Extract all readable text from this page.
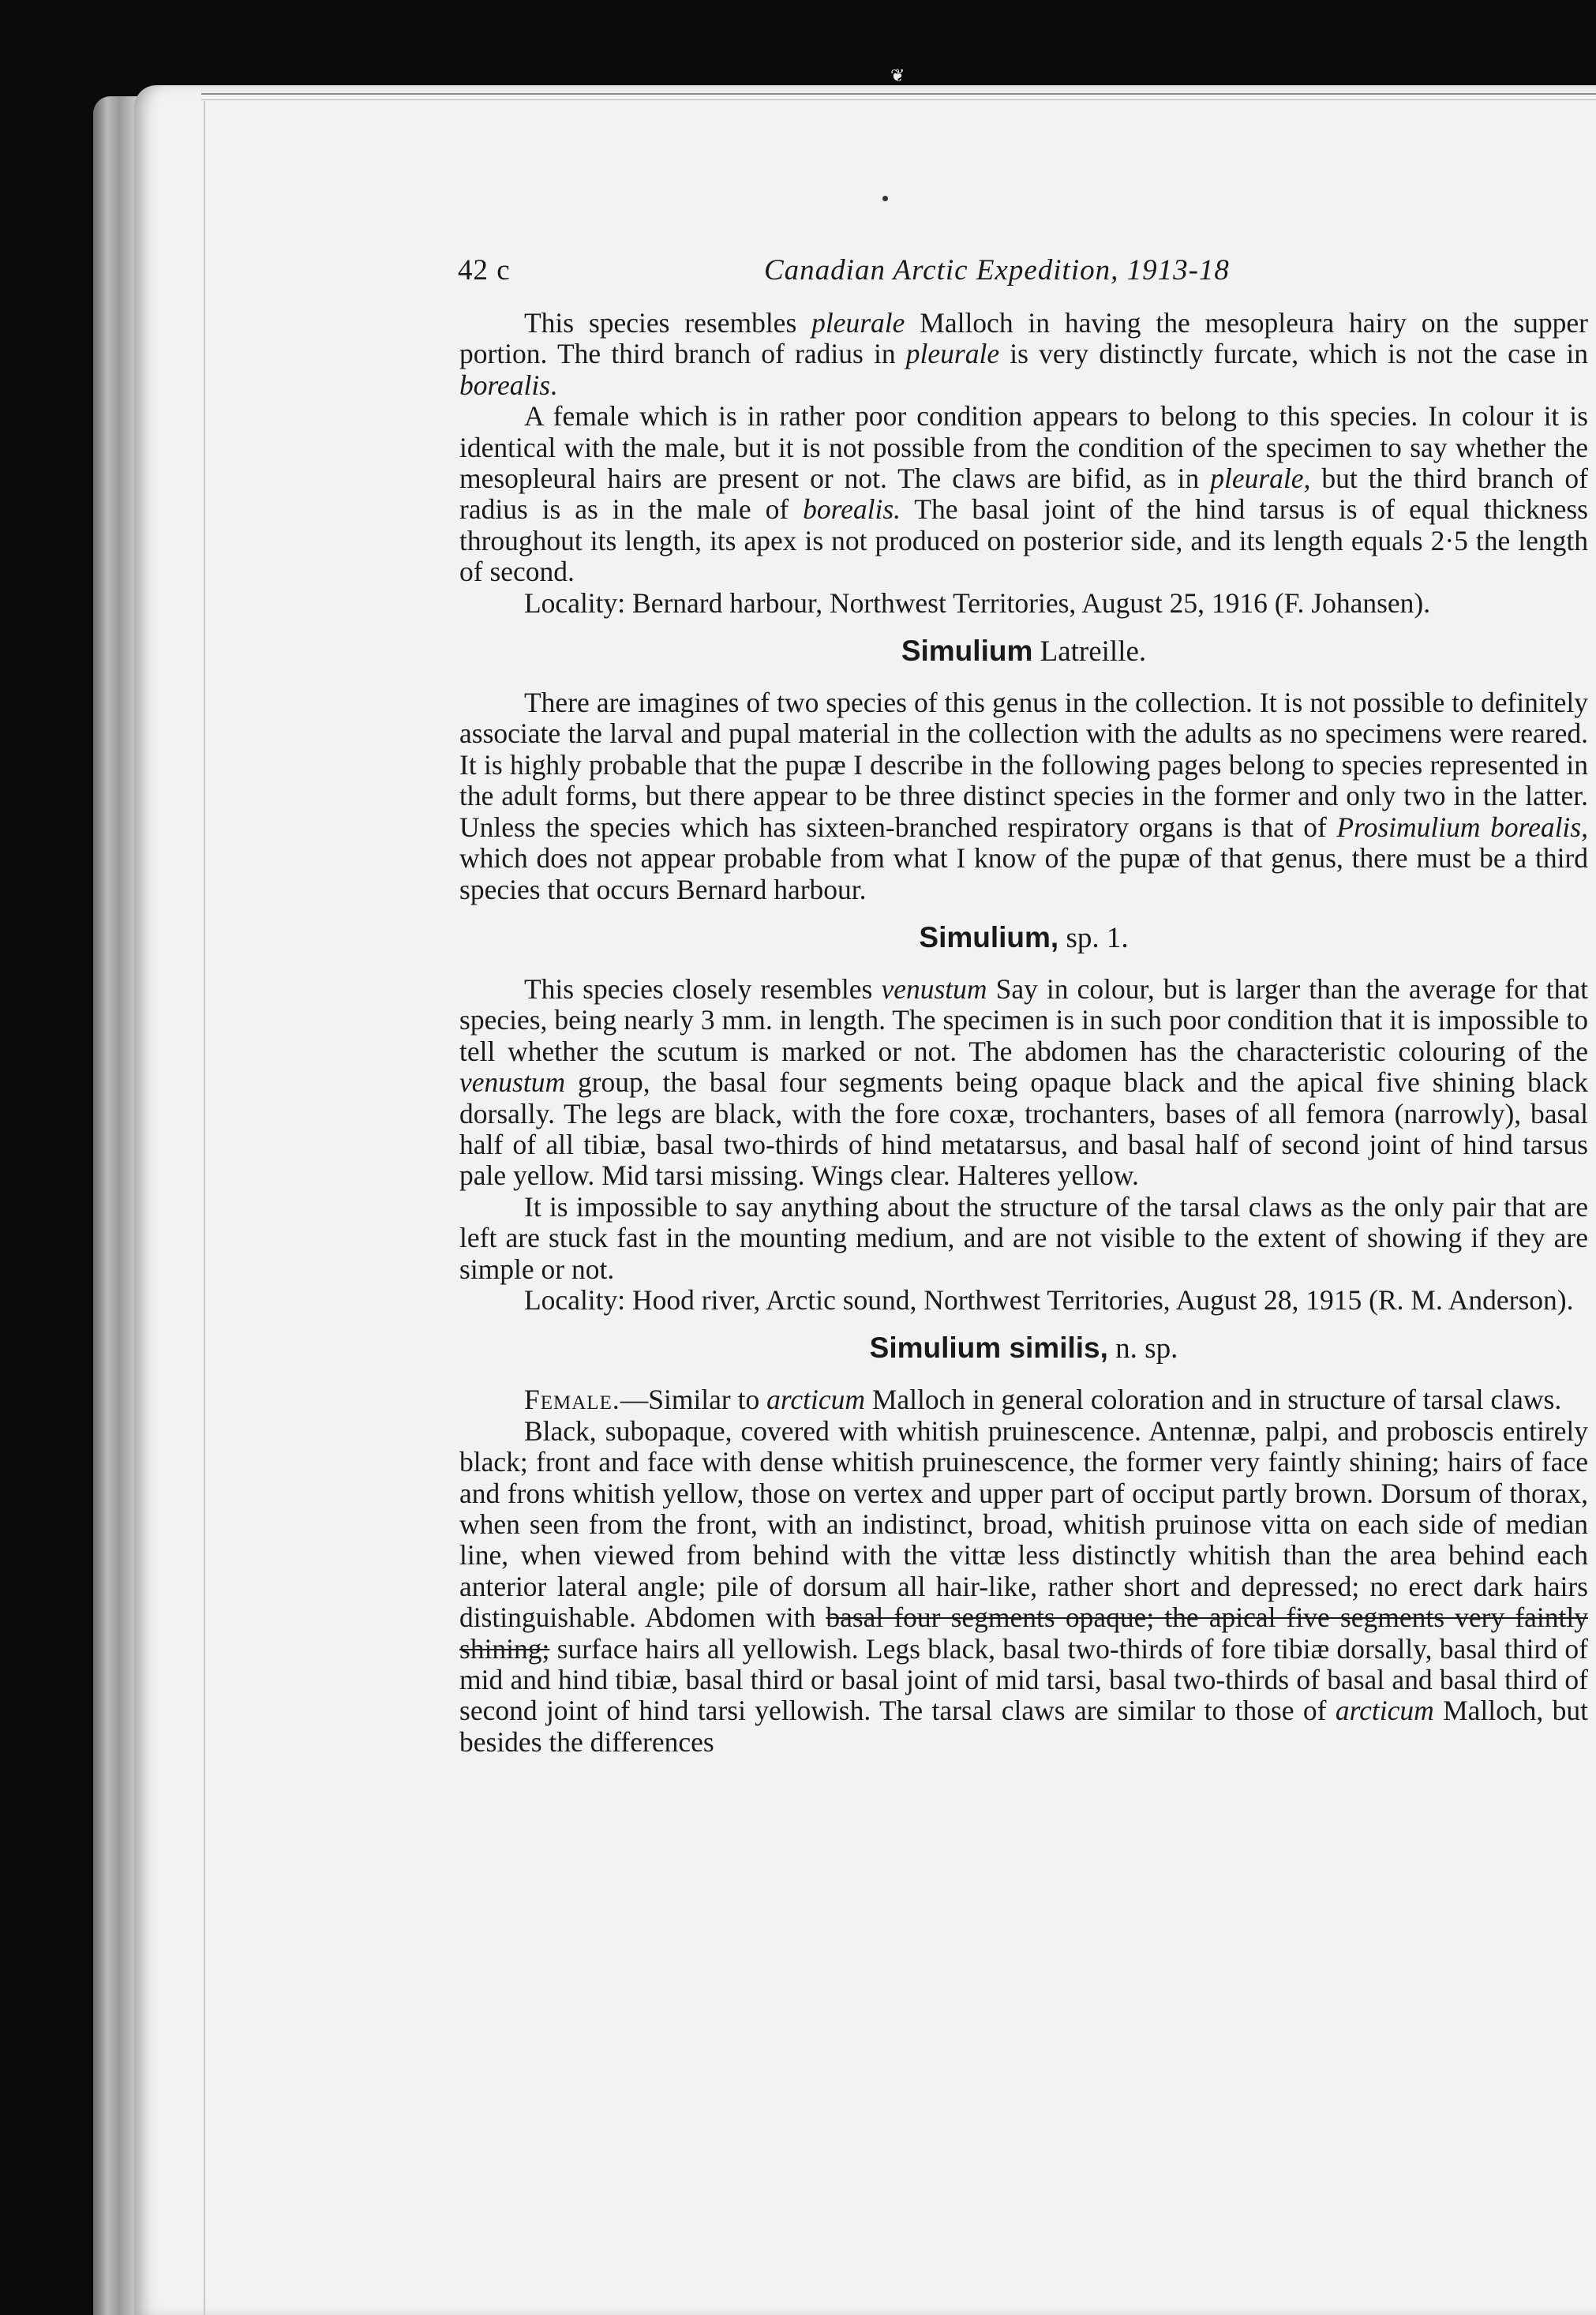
❦
42 c	Canadian Arctic Expedition, 1913-18

This species resembles pleurale Malloch in having the mesopleura hairy on the supper portion. The third branch of radius in pleurale is very distinctly furcate, which is not the case in borealis.

A female which is in rather poor condition appears to belong to this species. In colour it is identical with the male, but it is not possible from the condition of the specimen to say whether the mesopleural hairs are present or not. The claws are bifid, as in pleurale, but the third branch of radius is as in the male of borealis. The basal joint of the hind tarsus is of equal thickness throughout its length, its apex is not produced on posterior side, and its length equals 2·5 the length of second.

Locality: Bernard harbour, Northwest Territories, August 25, 1916 (F. Johansen).

Simulium Latreille.

There are imagines of two species of this genus in the collection. It is not possible to definitely associate the larval and pupal material in the collection with the adults as no specimens were reared. It is highly probable that the pupæ I describe in the following pages belong to species represented in the adult forms, but there appear to be three distinct species in the former and only two in the latter. Unless the species which has sixteen-branched respiratory organs is that of Prosimulium borealis, which does not appear probable from what I know of the pupæ of that genus, there must be a third species that occurs Bernard harbour.

Simulium, sp. 1.

This species closely resembles venustum Say in colour, but is larger than the average for that species, being nearly 3 mm. in length. The specimen is in such poor condition that it is impossible to tell whether the scutum is marked or not. The abdomen has the characteristic colouring of the venustum group, the basal four segments being opaque black and the apical five shining black dorsally. The legs are black, with the fore coxæ, trochanters, bases of all femora (narrowly), basal half of all tibiæ, basal two-thirds of hind metatarsus, and basal half of second joint of hind tarsus pale yellow. Mid tarsi missing. Wings clear. Halteres yellow.

It is impossible to say anything about the structure of the tarsal claws as the only pair that are left are stuck fast in the mounting medium, and are not visible to the extent of showing if they are simple or not.

Locality: Hood river, Arctic sound, Northwest Territories, August 28, 1915 (R. M. Anderson).

Simulium similis, n. sp.

Female.—Similar to arcticum Malloch in general coloration and in structure of tarsal claws.

Black, subopaque, covered with whitish pruinescence. Antennæ, palpi, and proboscis entirely black; front and face with dense whitish pruinescence, the former very faintly shining; hairs of face and frons whitish yellow, those on vertex and upper part of occiput partly brown. Dorsum of thorax, when seen from the front, with an indistinct, broad, whitish pruinose vitta on each side of median line, when viewed from behind with the vittæ less distinctly whitish than the area behind each anterior lateral angle; pile of dorsum all hair-like, rather short and depressed; no erect dark hairs distinguishable. Abdomen with basal four segments opaque; the apical five segments very faintly shining; surface hairs all yellowish. Legs black, basal two-thirds of fore tibiæ dorsally, basal third of mid and hind tibiæ, basal third or basal joint of mid tarsi, basal two-thirds of basal and basal third of second joint of hind tarsi yellowish. The tarsal claws are similar to those of arcticum Malloch, but besides the differences
